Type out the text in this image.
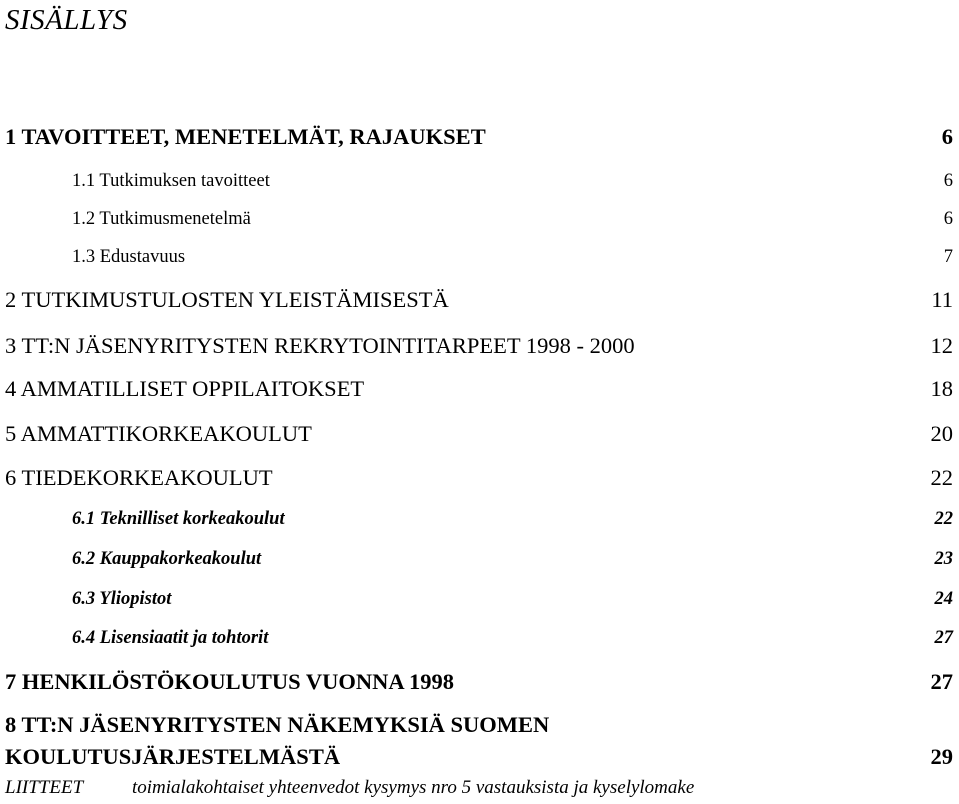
SISÄLLYS
1 TAVOITTEET, MENETELMÄT, RAJAUKSET	6
1.1 Tutkimuksen tavoitteet	6
1.2 Tutkimusmenetelmä	6
1.3 Edustavuus	7
2 TUTKIMUSTULOSTEN YLEISTÄMISESTÄ	11
3 TT:N JÄSENYRITYSTEN REKRYTOINTITARPEET 1998 - 2000	12
4 AMMATILLISET OPPILAITOKSET	18
5 AMMATTIKORKEAKOULUT	20
6 TIEDEKORKEAKOULUT	22
6.1 Teknilliset korkeakoulut	22
6.2 Kauppakorkeakoulut	23
6.3 Yliopistot	24
6.4 Lisensiaatit ja tohtorit	27
7 HENKILÖSTÖKOULUTUS VUONNA 1998	27
8 TT:N JÄSENYRITYSTEN NÄKEMYKSIÄ SUOMEN
KOULUTUSJÄRJESTELMÄSTÄ	29
LIITTEET	toimialakohtaiset yhteenvedot kysymys nro 5 vastauksista ja kyselylomake
